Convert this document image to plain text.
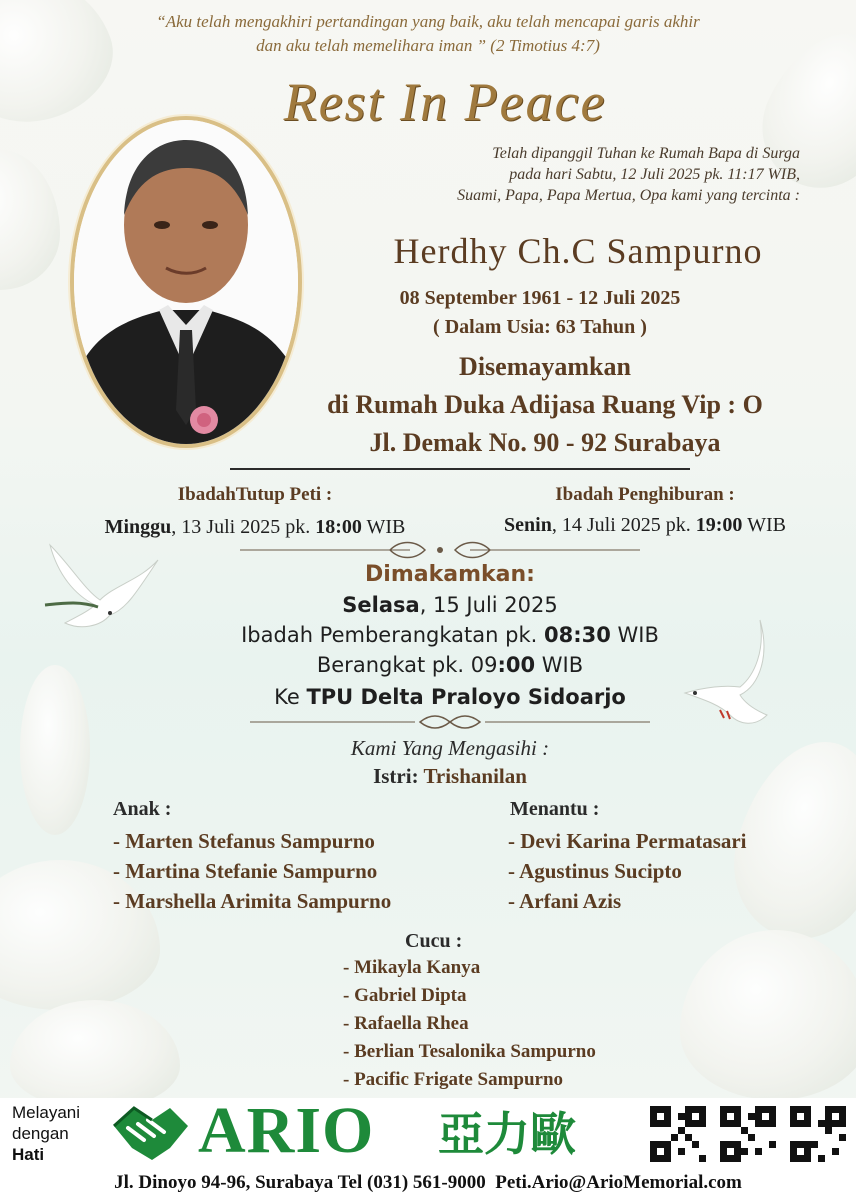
“Aku telah mengakhiri pertandingan yang baik, aku telah mencapai garis akhir
dan aku telah memelihara iman ” (2 Timotius 4:7)
Rest In Peace
Telah dipanggil Tuhan ke Rumah Bapa di Surga
pada hari Sabtu, 12 Juli 2025 pk. 11:17 WIB,
Suami, Papa, Papa Mertua, Opa kami yang tercinta :
Herdhy Ch.C Sampurno
08 September 1961 - 12 Juli 2025
( Dalam Usia: 63 Tahun )
Disemayamkan
di Rumah Duka Adijasa Ruang Vip : O
Jl. Demak No. 90 - 92 Surabaya
IbadahTutup Peti :
Minggu, 13 Juli 2025 pk. 18:00 WIB
Ibadah Penghiburan :
Senin, 14 Juli 2025 pk. 19:00 WIB
Dimakamkan:
Selasa, 15 Juli 2025
Ibadah Pemberangkatan pk. 08:30 WIB
Berangkat pk. 09:00 WIB
Ke TPU Delta Praloyo Sidoarjo
Kami Yang Mengasihi :
Istri: Trishanilan
Anak :
- Marten Stefanus Sampurno
- Martina Stefanie Sampurno
- Marshella Arimita Sampurno
Menantu :
- Devi Karina Permatasari
- Agustinus Sucipto
- Arfani Azis
Cucu :
- Mikayla Kanya
- Gabriel Dipta
- Rafaella Rhea
- Berlian Tesalonika Sampurno
- Pacific Frigate Sampurno
Melayani
dengan
Hati	ARIO 亞力歐
Jl. Dinoyo 94-96, Surabaya Tel (031) 561-9000  Peti.Ario@ArioMemorial.com
